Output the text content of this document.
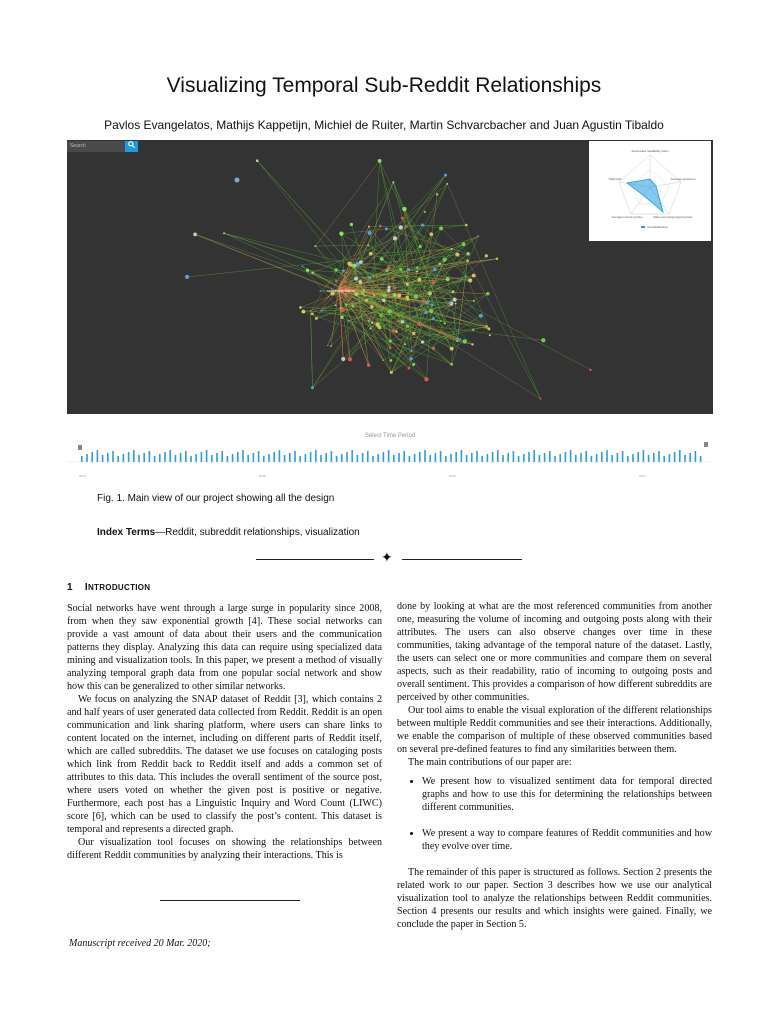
Visualizing Temporal Sub-Reddit Relationships
Pavlos Evangelatos, Mathijs Kappetijn, Michiel de Ruiter, Martin Schvarcbacher and Juan Agustin Tibaldo
subredditdrama
Search
Automated readability index
Average sentiment
Ratio incoming/outgoing links
Average incoming links
Total links
subredditdrama
Select Time Period
2014	2015	2016	2017
Fig. 1. Main view of our project showing all the design
Index Terms—Reddit, subreddit relationships, visualization
✦
1 INTRODUCTION

Social networks have went through a large surge in popularity since 2008, from when they saw exponential growth [4]. These social networks can provide a vast amount of data about their users and the communication patterns they display. Analyzing this data can require using specialized data mining and visualization tools. In this paper, we present a method of visually analyzing temporal graph data from one popular social network and show how this can be generalized to other similar networks.

We focus on analyzing the SNAP dataset of Reddit [3], which contains 2 and half years of user generated data collected from Reddit. Reddit is an open communication and link sharing platform, where users can share links to content located on the internet, including on different parts of Reddit itself, which are called subreddits. The dataset we use focuses on cataloging posts which link from Reddit back to Reddit itself and adds a common set of attributes to this data. This includes the overall sentiment of the source post, where users voted on whether the given post is positive or negative. Furthermore, each post has a Linguistic Inquiry and Word Count (LIWC) score [6], which can be used to classify the post’s content. This dataset is temporal and represents a directed graph.

Our visualization tool focuses on showing the relationships between different Reddit communities by analyzing their interactions. This is

Manuscript received 20 Mar. 2020;

done by looking at what are the most referenced communities from another one, measuring the volume of incoming and outgoing posts along with their attributes. The users can also observe changes over time in these communities, taking advantage of the temporal nature of the dataset. Lastly, the users can select one or more communities and compare them on several aspects, such as their readability, ratio of incoming to outgoing posts and overall sentiment. This provides a comparison of how different subreddits are perceived by other communities.

Our tool aims to enable the visual exploration of the different relationships between multiple Reddit communities and see their interactions. Additionally, we enable the comparison of multiple of these observed communities based on several pre-defined features to find any similarities between them.

The main contributions of our paper are:

• We present how to visualized sentiment data for temporal directed graphs and how to use this for determining the relationships between different communities.
• We present a way to compare features of Reddit communities and how they evolve over time.

The remainder of this paper is structured as follows. Section 2 presents the related work to our paper. Section 3 describes how we use our analytical visualization tool to analyze the relationships between Reddit communities. Section 4 presents our results and which insights were gained. Finally, we conclude the paper in Section 5.
